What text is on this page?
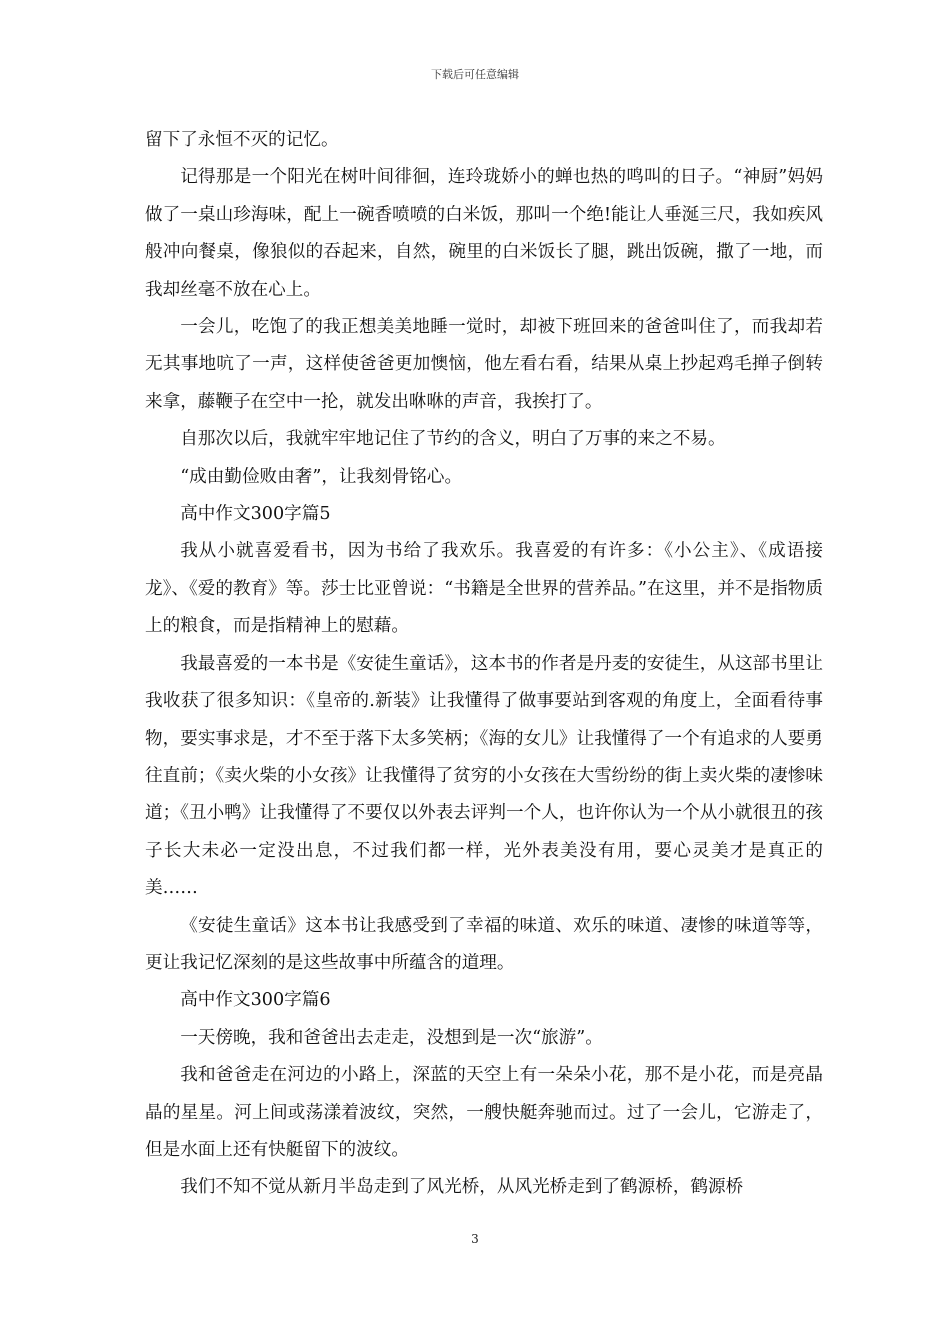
下载后可任意编辑

留下了永恒不灭的记忆。

记得那是一个阳光在树叶间徘徊，连玲珑娇小的蝉也热的鸣叫的日子。“神厨”妈妈做了一桌山珍海味，配上一碗香喷喷的白米饭，那叫一个绝!能让人垂涎三尺，我如疾风般冲向餐桌，像狼似的吞起来，自然，碗里的白米饭长了腿，跳出饭碗，撒了一地，而我却丝毫不放在心上。

一会儿，吃饱了的我正想美美地睡一觉时，却被下班回来的爸爸叫住了，而我却若无其事地吭了一声，这样使爸爸更加懊恼，他左看右看，结果从桌上抄起鸡毛掸子倒转来拿，藤鞭子在空中一抡，就发出咻咻的声音，我挨打了。

自那次以后，我就牢牢地记住了节约的含义，明白了万事的来之不易。

“成由勤俭败由奢”，让我刻骨铭心。

高中作文300字篇5

我从小就喜爱看书，因为书给了我欢乐。我喜爱的有许多：《小公主》、《成语接龙》、《爱的教育》等。莎士比亚曾说：“书籍是全世界的营养品。”在这里，并不是指物质上的粮食，而是指精神上的慰藉。

我最喜爱的一本书是《安徒生童话》，这本书的作者是丹麦的安徒生，从这部书里让我收获了很多知识：《皇帝的.新装》让我懂得了做事要站到客观的角度上，全面看待事物，要实事求是，才不至于落下太多笑柄；《海的女儿》让我懂得了一个有追求的人要勇往直前；《卖火柴的小女孩》让我懂得了贫穷的小女孩在大雪纷纷的街上卖火柴的凄惨味道；《丑小鸭》让我懂得了不要仅以外表去评判一个人，也许你认为一个从小就很丑的孩子长大未必一定没出息，不过我们都一样，光外表美没有用，要心灵美才是真正的美……

《安徒生童话》这本书让我感受到了幸福的味道、欢乐的味道、凄惨的味道等等，更让我记忆深刻的是这些故事中所蕴含的道理。

高中作文300字篇6

一天傍晚，我和爸爸出去走走，没想到是一次“旅游”。

我和爸爸走在河边的小路上，深蓝的天空上有一朵朵小花，那不是小花，而是亮晶晶的星星。河上间或荡漾着波纹，突然，一艘快艇奔驰而过。过了一会儿，它游走了，但是水面上还有快艇留下的波纹。

我们不知不觉从新月半岛走到了风光桥，从风光桥走到了鹤源桥，鹤源桥

3
